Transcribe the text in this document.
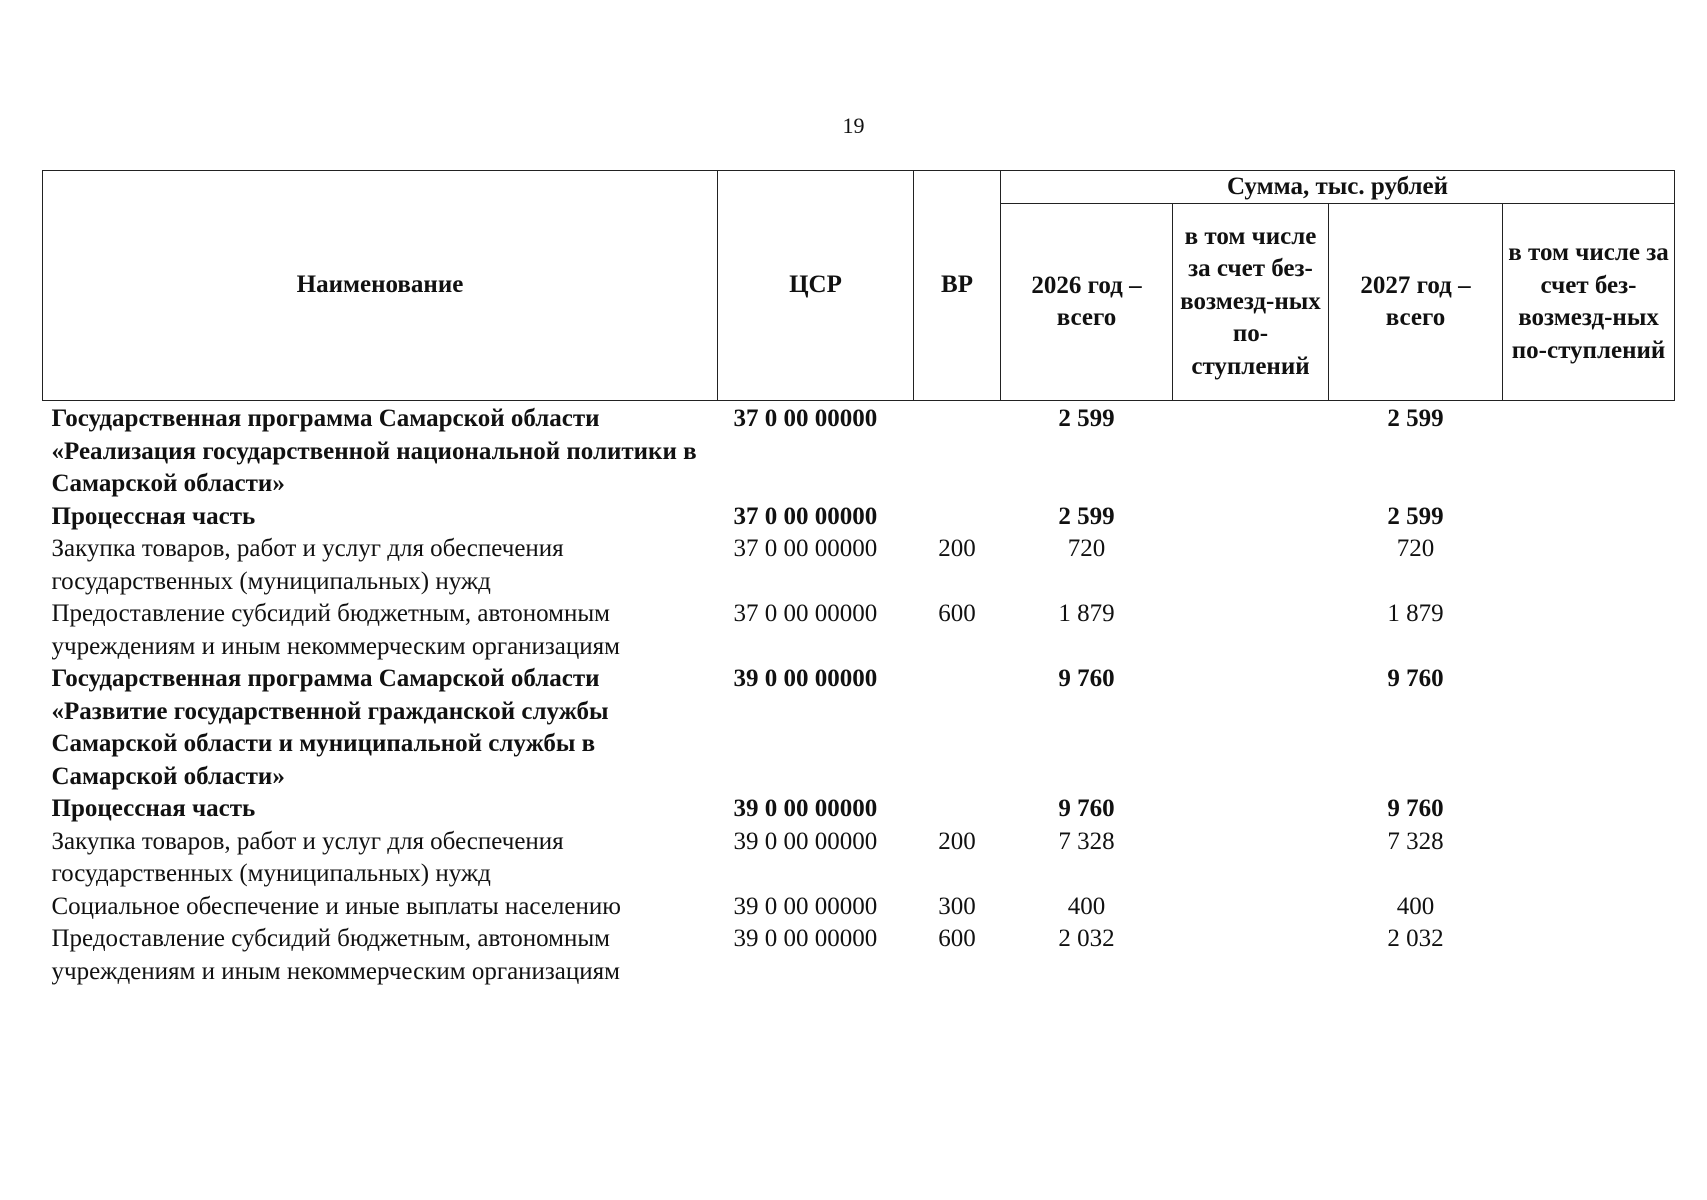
19
Наименование	ЦСР	ВР	Сумма, тыс. рублей			
			2026 год – всего	в том числе за счет без-возмезд-ных по-ступлений	2027 год – всего	в том числе за счет без-возмезд-ных по-ступлений
Государственная программа Самарской области «Реализация государственной национальной политики в Самарской области»	37 0 00 00000		2 599		2 599	
Процессная часть	37 0 00 00000		2 599		2 599	
Закупка товаров, работ и услуг для обеспечения государственных (муниципальных) нужд	37 0 00 00000	200	720		720	
Предоставление субсидий бюджетным, автономным учреждениям и иным некоммерческим организациям	37 0 00 00000	600	1 879		1 879	
Государственная программа Самарской области «Развитие государственной гражданской службы Самарской области и муниципальной службы в Самарской области»	39 0 00 00000		9 760		9 760	
Процессная часть	39 0 00 00000		9 760		9 760	
Закупка товаров, работ и услуг для обеспечения государственных (муниципальных) нужд	39 0 00 00000	200	7 328		7 328	
Социальное обеспечение и иные выплаты населению	39 0 00 00000	300	400		400	
Предоставление субсидий бюджетным, автономным учреждениям и иным некоммерческим организациям	39 0 00 00000	600	2 032		2 032	
